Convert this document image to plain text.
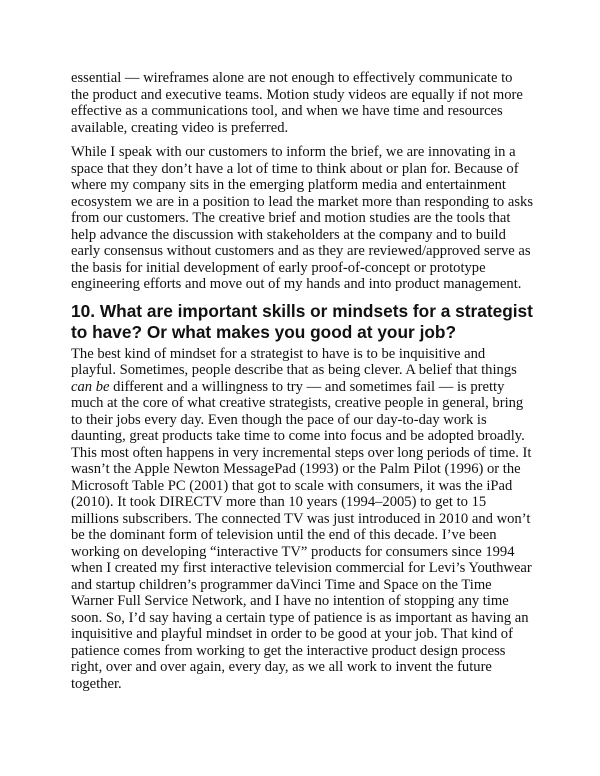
essential — wireframes alone are not enough to effectively communicate to the product and executive teams. Motion study videos are equally if not more effective as a communications tool, and when we have time and resources available, creating video is preferred.

While I speak with our customers to inform the brief, we are innovating in a space that they don’t have a lot of time to think about or plan for. Because of where my company sits in the emerging platform media and entertainment ecosystem we are in a position to lead the market more than responding to asks from our customers. The creative brief and motion studies are the tools that help advance the discussion with stakeholders at the company and to build early consensus without customers and as they are reviewed/approved serve as the basis for initial development of early proof-of-concept or prototype engineering efforts and move out of my hands and into product management.

10. What are important skills or mindsets for a strategist to have? Or what makes you good at your job?

The best kind of mindset for a strategist to have is to be inquisitive and playful. Sometimes, people describe that as being clever. A belief that things can be different and a willingness to try — and sometimes fail — is pretty much at the core of what creative strategists, creative people in general, bring to their jobs every day. Even though the pace of our day-to-day work is daunting, great products take time to come into focus and be adopted broadly. This most often happens in very incremental steps over long periods of time. It wasn’t the Apple Newton MessagePad (1993) or the Palm Pilot (1996) or the Microsoft Table PC (2001) that got to scale with consumers, it was the iPad (2010). It took DIRECTV more than 10 years (1994–2005) to get to 15 millions subscribers. The connected TV was just introduced in 2010 and won’t be the dominant form of television until the end of this decade. I’ve been working on developing “interactive TV” products for consumers since 1994 when I created my first interactive television commercial for Levi’s Youthwear and startup children’s programmer daVinci Time and Space on the Time Warner Full Service Network, and I have no intention of stopping any time soon. So, I’d say having a certain type of patience is as important as having an inquisitive and playful mindset in order to be good at your job. That kind of patience comes from working to get the interactive product design process right, over and over again, every day, as we all work to invent the future together.
